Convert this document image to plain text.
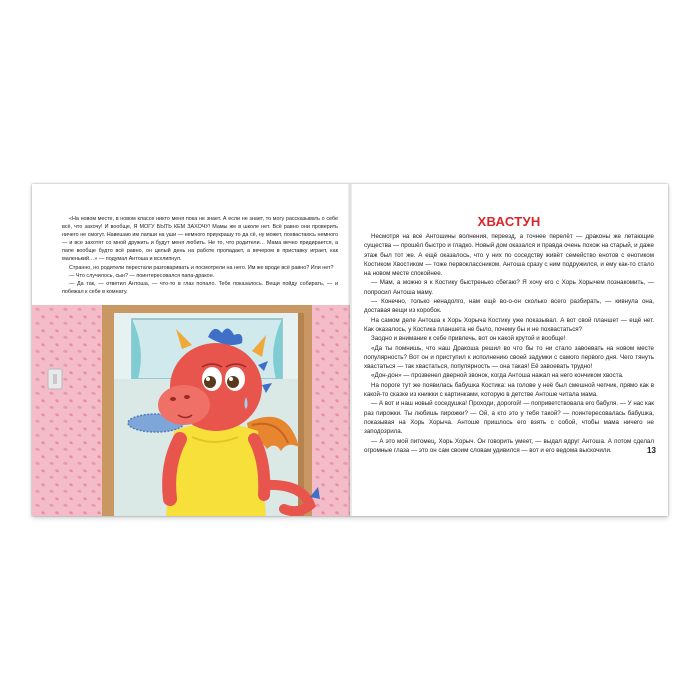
«На новом месте, в новом классе никто меня пока не знает. А если не знает, то могу рассказывать о себе всё, что захочу! И вообще, Я МОГУ БЫТЬ КЕМ ЗАХОЧУ! Мамы же в школе нет. Всё равно они проверить ничего не смогут. Навешаю им лапши на уши — немного приукрашу то да сё, ну может, похвастаюсь немного — и все захотят со мной дружить и будут меня любить. Не то, что родители… Мама вечно придирается, а папе вообще будто всё равно, он целый день на работе пропадает, а вечером в приставку играет, как маленький…» — подумал Антоша и всхлипнул.

Странно, но родители перестали разговаривать и посмотрели на него. Им же вроде всё равно? Или нет?

— Что случилось, сын? — поинтересовался папа-дракон.

— Да так, — ответил Антоша, — что-то в глаз попало. Тебе показалось. Вещи пойду собирать, — и побежал к себе в комнату.

ХВАСТУН

Несмотря на все Антошины волнения, переезд, а точнее перелёт — драконы же летающие существа — прошёл быстро и гладко. Новый дом оказался и правда очень похож на старый, и даже этаж был тот же. А ещё оказалось, что у них по соседству живёт семейство енотов с енотиком Костиком Хвостиком — тоже первоклассником. Антоша сразу с ним подружился, и ему как-то стало на новом месте спокойнее.

— Мам, а можно я к Костику быстренько сбегаю? Я хочу его с Хорь Хорычем познакомить, — попросил Антоша маму.

— Конечно, только ненадолго, нам ещё во-о-он сколько всего разбирать, — кивнула она, доставая вещи из коробок.

На самом деле Антоша к Хорь Хорыча Костику уже показывал. А вот свой планшет — ещё нет. Как оказалось, у Костика планшета не было, почему бы и не похвастаться?

Заодно и внимание к себе привлечь, вот он какой крутой и вообще!

«Да ты помнишь, что наш Дракоша решил во что бы то ни стало завоевать на новом месте популярность? Вот он и приступил к исполнению своей задумки с самого первого дня. Чего тянуть хвастаться — так хвастаться, популярность — она такая! Её завоевать трудно!

«Дон-дон» — прозвенел дверной звонок, когда Антоша нажал на него кончиком хвоста.

На пороге тут же появилась бабушка Костика: на голове у неё был смешной чепчик, прямо как в какой-то сказке из книжки с картинками, которую в детстве Антоше читала мама.

— А вот и наш новый соседушка! Проходи, дорогой! — поприветствовала его бабуля. — У нас как раз пирожки. Ты любишь пирожки? — Ой, а кто это у тебя такой? — поинтересовалась бабушка, показывая на Хорь Хорыча. Антоше пришлось его взять с собой, чтобы мама ничего не заподозрила.

— А это мой питомец, Хорь Хорыч. Он говорить умеет, — выдал вдруг Антоша. А потом сделал огромные глаза — это он сам своим словам удивился — вот и его ведома выскочили.	13
